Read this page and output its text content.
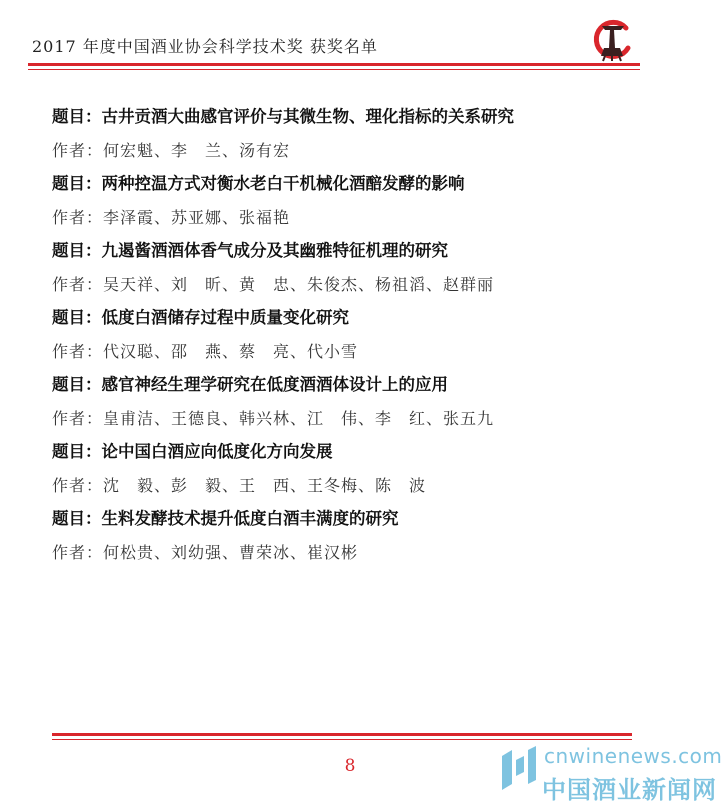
2017 年度中国酒业协会科学技术奖 获奖名单
题目：古井贡酒大曲感官评价与其微生物、理化指标的关系研究
作者：何宏魁、李　兰、汤有宏
题目：两种控温方式对衡水老白干机械化酒醅发酵的影响
作者：李泽霞、苏亚娜、张福艳
题目：九遏酱酒酒体香气成分及其幽雅特征机理的研究
作者：吴天祥、刘　昕、黄　忠、朱俊杰、杨祖滔、赵群丽
题目：低度白酒储存过程中质量变化研究
作者：代汉聪、邵　燕、蔡　亮、代小雪
题目：感官神经生理学研究在低度酒酒体设计上的应用
作者：皇甫洁、王德良、韩兴林、江　伟、李　红、张五九
题目：论中国白酒应向低度化方向发展
作者：沈　毅、彭　毅、王　西、王冬梅、陈　波
题目：生料发酵技术提升低度白酒丰满度的研究
作者：何松贵、刘幼强、曹荣冰、崔汉彬
8	cnwinenews.com
中国酒业新闻网
